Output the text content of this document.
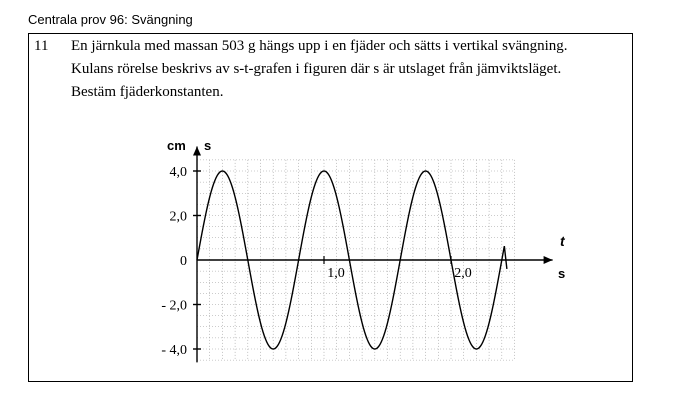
Centrala prov 96: Svängning
11 En järnkula med massan 503 g hängs upp i en fjäder och sätts i vertikal svängning.
Kulans rörelse beskrivs av s-t-grafen i figuren där s är utslaget från jämviktsläget.
Bestäm fjäderkonstanten.
4,0
2,0
0
- 2,0
- 4,0
1,0	2,0
cm s
t
s
